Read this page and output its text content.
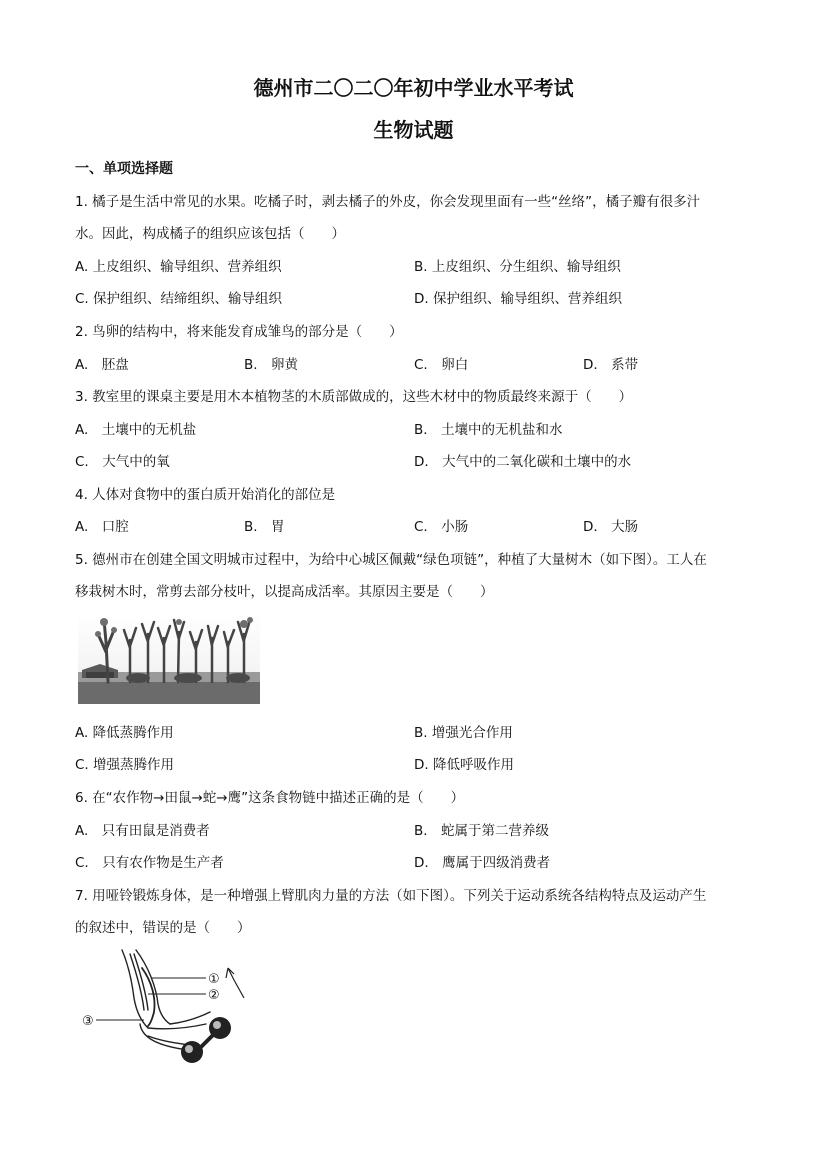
德州市二〇二〇年初中学业水平考试
生物试题
一、单项选择题
1. 橘子是生活中常见的水果。吃橘子时，剥去橘子的外皮，你会发现里面有一些“丝络”，橘子瓣有很多汁
水。因此，构成橘子的组织应该包括（　　）
A. 上皮组织、输导组织、营养组织	B. 上皮组织、分生组织、输导组织
C. 保护组织、结缔组织、输导组织	D. 保护组织、输导组织、营养组织
2. 鸟卵的结构中，将来能发育成雏鸟的部分是（　　）
A.　胚盘	B.　卵黄	C.　卵白	D.　系带
3. 教室里的课桌主要是用木本植物茎的木质部做成的，这些木材中的物质最终来源于（　　）
A.　土壤中的无机盐	B.　土壤中的无机盐和水
C.　大气中的氧	D.　大气中的二氧化碳和土壤中的水
4. 人体对食物中的蛋白质开始消化的部位是
A.　口腔	B.　胃	C.　小肠	D.　大肠
5. 德州市在创建全国文明城市过程中，为给中心城区佩戴“绿色项链”，种植了大量树木（如下图）。工人在
移栽树木时，常剪去部分枝叶，以提高成活率。其原因主要是（　　）
A. 降低蒸腾作用	B. 增强光合作用
C. 增强蒸腾作用	D. 降低呼吸作用
6. 在“农作物→田鼠→蛇→鹰”这条食物链中描述正确的是（　　）
A.　只有田鼠是消费者	B.　蛇属于第二营养级
C.　只有农作物是生产者	D.　鹰属于四级消费者
7. 用哑铃锻炼身体，是一种增强上臂肌肉力量的方法（如下图）。下列关于运动系统各结构特点及运动产生
的叙述中，错误的是（　　）
①
②
③
